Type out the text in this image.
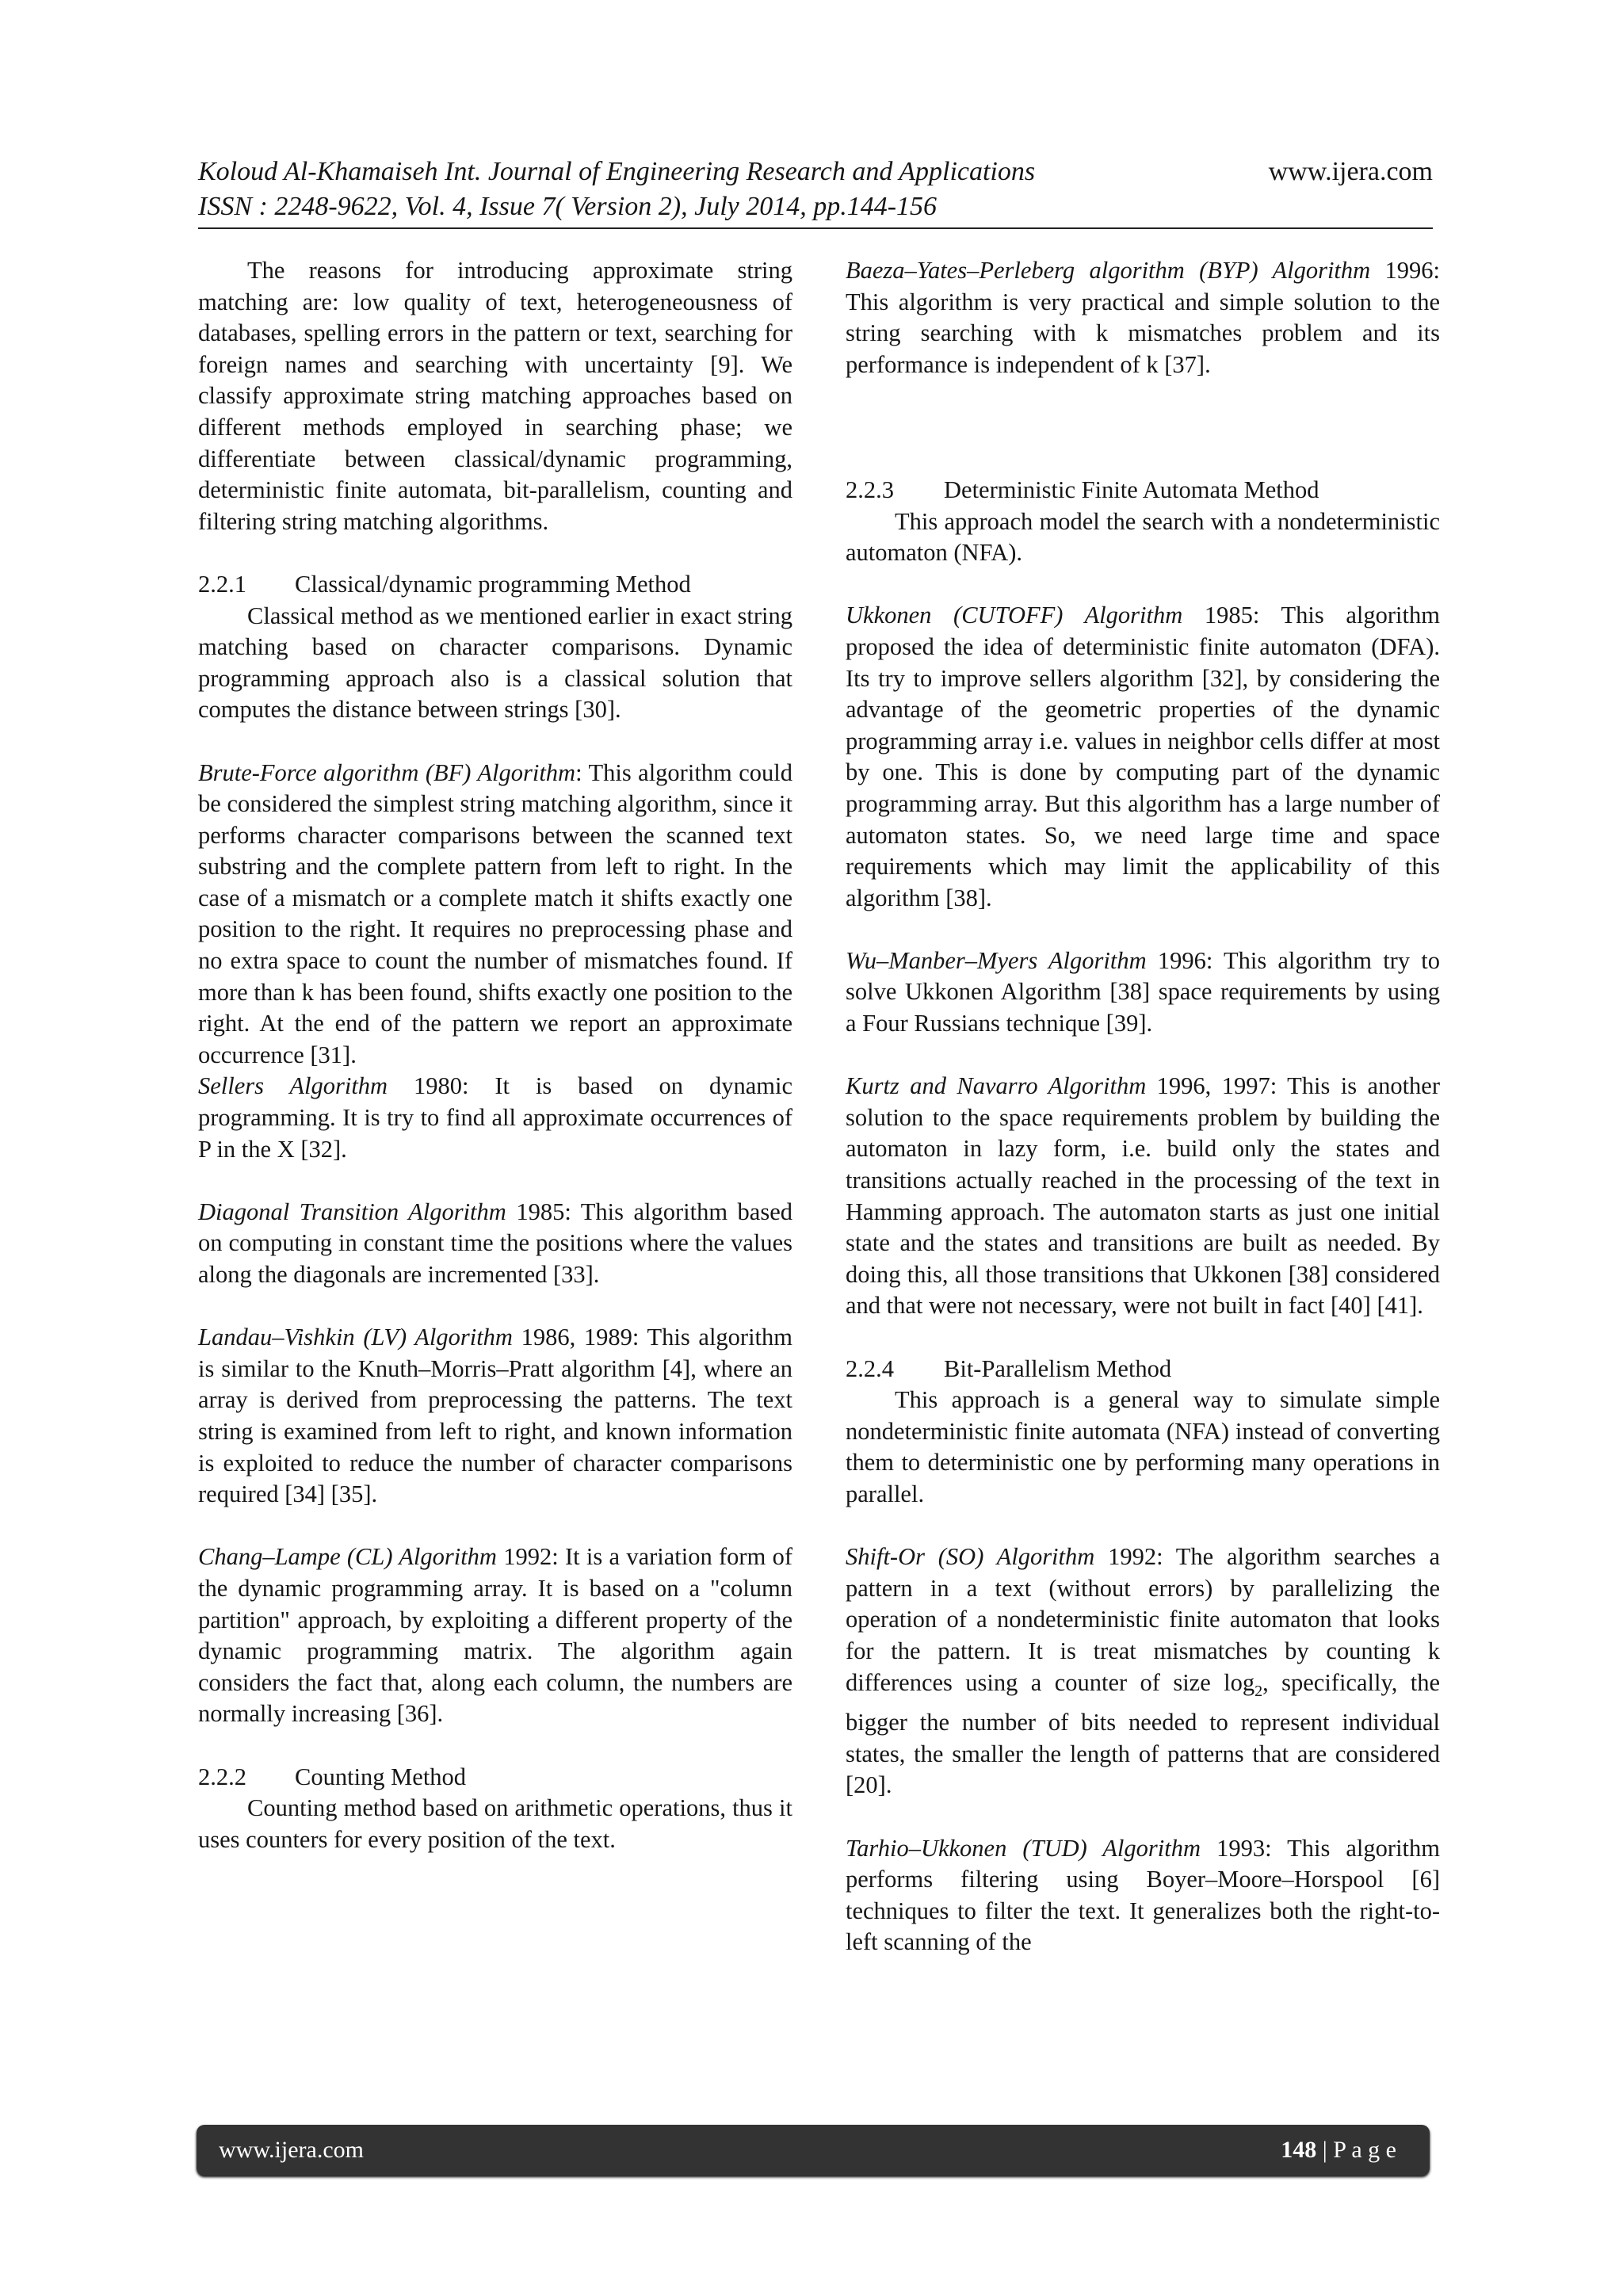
Koloud Al-Khamaiseh Int. Journal of Engineering Research and Applications	www.ijera.com
ISSN : 2248-9622, Vol. 4, Issue 7( Version 2), July 2014, pp.144-156

The reasons for introducing approximate string matching are: low quality of text, heterogeneousness of databases, spelling errors in the pattern or text, searching for foreign names and searching with uncertainty [9]. We classify approximate string matching approaches based on different methods employed in searching phase; we differentiate between classical/dynamic programming, deterministic finite automata, bit-parallelism, counting and filtering string matching algorithms.

2.2.1 Classical/dynamic programming Method

Classical method as we mentioned earlier in exact string matching based on character comparisons. Dynamic programming approach also is a classical solution that computes the distance between strings [30].

Brute-Force algorithm (BF) Algorithm: This algorithm could be considered the simplest string matching algorithm, since it performs character comparisons between the scanned text substring and the complete pattern from left to right. In the case of a mismatch or a complete match it shifts exactly one position to the right. It requires no preprocessing phase and no extra space to count the number of mismatches found. If more than k has been found, shifts exactly one position to the right. At the end of the pattern we report an approximate occurrence [31].

Sellers Algorithm 1980: It is based on dynamic programming. It is try to find all approximate occurrences of P in the X [32].

Diagonal Transition Algorithm 1985: This algorithm based on computing in constant time the positions where the values along the diagonals are incremented [33].

Landau–Vishkin (LV) Algorithm 1986, 1989: This algorithm is similar to the Knuth–Morris–Pratt algorithm [4], where an array is derived from preprocessing the patterns. The text string is examined from left to right, and known information is exploited to reduce the number of character comparisons required [34] [35].

Chang–Lampe (CL) Algorithm 1992: It is a variation form of the dynamic programming array. It is based on a "column partition" approach, by exploiting a different property of the dynamic programming matrix. The algorithm again considers the fact that, along each column, the numbers are normally increasing [36].

2.2.2 Counting Method

Counting method based on arithmetic operations, thus it uses counters for every position of the text.

Baeza–Yates–Perleberg algorithm (BYP) Algorithm 1996: This algorithm is very practical and simple solution to the string searching with k mismatches problem and its performance is independent of k [37].

2.2.3 Deterministic Finite Automata Method

This approach model the search with a nondeterministic automaton (NFA).

Ukkonen (CUTOFF) Algorithm 1985: This algorithm proposed the idea of deterministic finite automaton (DFA). Its try to improve sellers algorithm [32], by considering the advantage of the geometric properties of the dynamic programming array i.e. values in neighbor cells differ at most by one. This is done by computing part of the dynamic programming array. But this algorithm has a large number of automaton states. So, we need large time and space requirements which may limit the applicability of this algorithm [38].

Wu–Manber–Myers Algorithm 1996: This algorithm try to solve Ukkonen Algorithm [38] space requirements by using a Four Russians technique [39].

Kurtz and Navarro Algorithm 1996, 1997: This is another solution to the space requirements problem by building the automaton in lazy form, i.e. build only the states and transitions actually reached in the processing of the text in Hamming approach. The automaton starts as just one initial state and the states and transitions are built as needed. By doing this, all those transitions that Ukkonen [38] considered and that were not necessary, were not built in fact [40] [41].

2.2.4 Bit-Parallelism Method

This approach is a general way to simulate simple nondeterministic finite automata (NFA) instead of converting them to deterministic one by performing many operations in parallel.

Shift-Or (SO) Algorithm 1992: The algorithm searches a pattern in a text (without errors) by parallelizing the operation of a nondeterministic finite automaton that looks for the pattern. It is treat mismatches by counting k differences using a counter of size $\log_2$, specifically, the bigger the number of bits needed to represent individual states, the smaller the length of patterns that are considered [20].

Tarhio–Ukkonen (TUD) Algorithm 1993: This algorithm performs filtering using Boyer–Moore–Horspool [6] techniques to filter the text. It generalizes both the right-to-left scanning of the

www.ijera.com	148 | P a g e
